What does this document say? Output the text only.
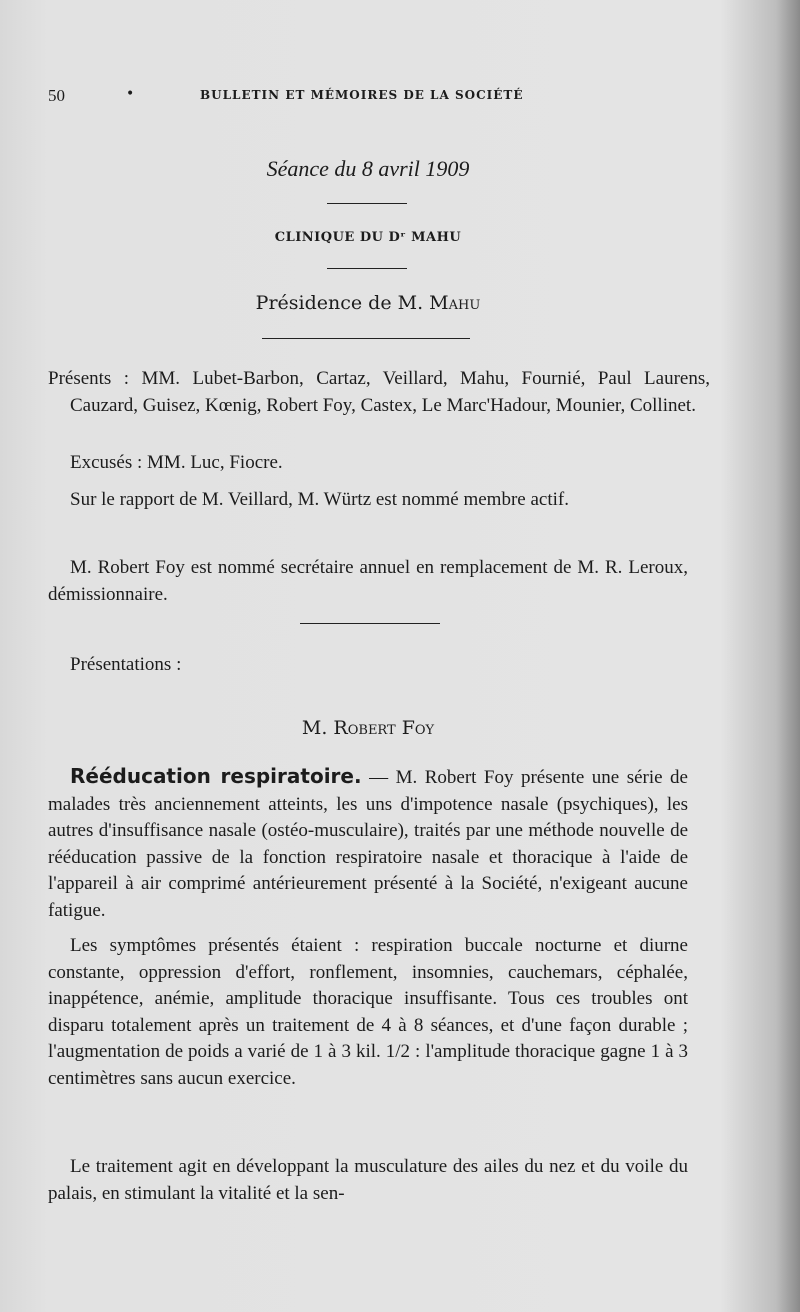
50	•	BULLETIN ET MÉMOIRES DE LA SOCIÉTÉ
Séance du 8 avril 1909
CLINIQUE DU Dʳ MAHU
Présidence de M. Mahu
Présents : MM. Lubet-Barbon, Cartaz, Veillard, Mahu, Fournié, Paul Laurens, Cauzard, Guisez, Kœnig, Robert Foy, Castex, Le Marc'Hadour, Mounier, Collinet.
Excusés : MM. Luc, Fiocre.
Sur le rapport de M. Veillard, M. Würtz est nommé membre actif.
M. Robert Foy est nommé secrétaire annuel en remplacement de M. R. Leroux, démissionnaire.
Présentations :
M. Robert Foy
Rééducation respiratoire. — M. Robert Foy présente une série de malades très anciennement atteints, les uns d'impotence nasale (psychiques), les autres d'insuffisance nasale (ostéo-musculaire), traités par une méthode nouvelle de rééducation passive de la fonction respiratoire nasale et thoracique à l'aide de l'appareil à air comprimé antérieurement présenté à la Société, n'exigeant aucune fatigue.
Les symptômes présentés étaient : respiration buccale nocturne et diurne constante, oppression d'effort, ronflement, insomnies, cauchemars, céphalée, inappétence, anémie, amplitude thoracique insuffisante. Tous ces troubles ont disparu totalement après un traitement de 4 à 8 séances, et d'une façon durable ; l'augmentation de poids a varié de 1 à 3 kil. 1/2 : l'amplitude thoracique gagne 1 à 3 centimètres sans aucun exercice.
Le traitement agit en développant la musculature des ailes du nez et du voile du palais, en stimulant la vitalité et la sen-
